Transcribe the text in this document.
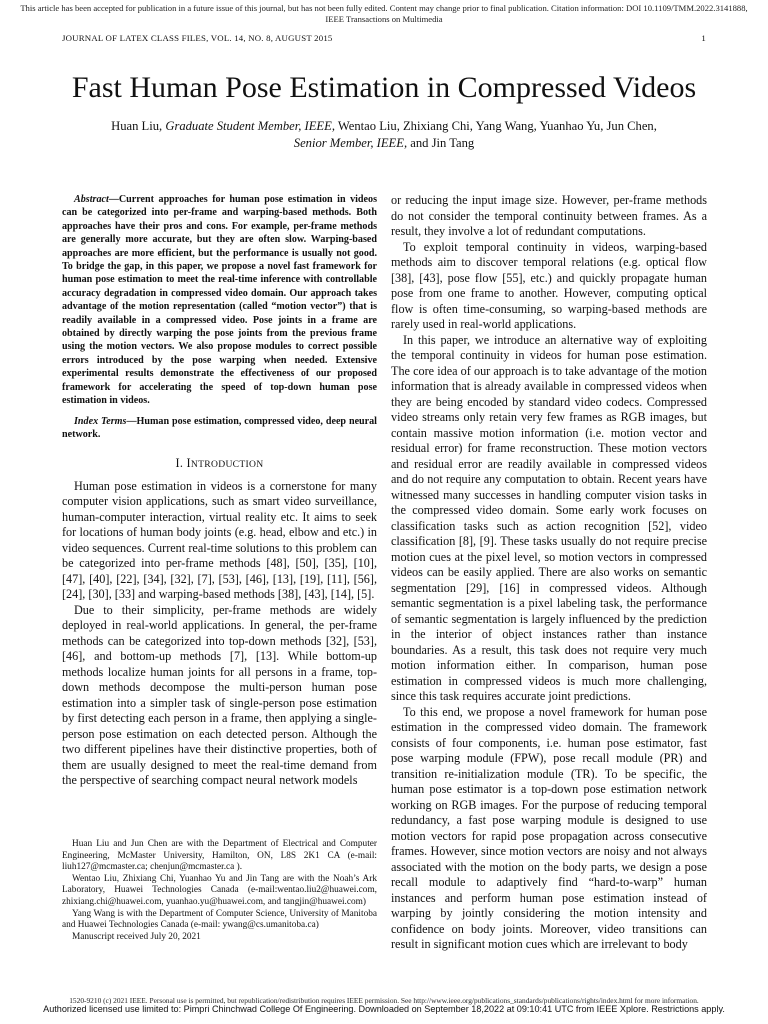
This article has been accepted for publication in a future issue of this journal, but has not been fully edited. Content may change prior to final publication. Citation information: DOI 10.1109/TMM.2022.3141888, IEEE Transactions on Multimedia
JOURNAL OF LATEX CLASS FILES, VOL. 14, NO. 8, AUGUST 2015	1
Fast Human Pose Estimation in Compressed Videos
Huan Liu, Graduate Student Member, IEEE, Wentao Liu, Zhixiang Chi, Yang Wang, Yuanhao Yu, Jun Chen, Senior Member, IEEE, and Jin Tang

Abstract—Current approaches for human pose estimation in videos can be categorized into per-frame and warping-based methods. Both approaches have their pros and cons. For example, per-frame methods are generally more accurate, but they are often slow. Warping-based approaches are more efficient, but the performance is usually not good. To bridge the gap, in this paper, we propose a novel fast framework for human pose estimation to meet the real-time inference with controllable accuracy degradation in compressed video domain. Our approach takes advantage of the motion representation (called “motion vector”) that is readily available in a compressed video. Pose joints in a frame are obtained by directly warping the pose joints from the previous frame using the motion vectors. We also propose modules to correct possible errors introduced by the pose warping when needed. Extensive experimental results demonstrate the effectiveness of our proposed framework for accelerating the speed of top-down human pose estimation in videos.

Index Terms—Human pose estimation, compressed video, deep neural network.

I. INTRODUCTION

Human pose estimation in videos is a cornerstone for many computer vision applications, such as smart video surveillance, human-computer interaction, virtual reality etc. It aims to seek for locations of human body joints (e.g. head, elbow and etc.) in video sequences. Current real-time solutions to this problem can be categorized into per-frame methods [48], [50], [35], [10], [47], [40], [22], [34], [32], [7], [53], [46], [13], [19], [11], [56], [24], [30], [33] and warping-based methods [38], [43], [14], [5].

Due to their simplicity, per-frame methods are widely deployed in real-world applications. In general, the per-frame methods can be categorized into top-down methods [32], [53], [46], and bottom-up methods [7], [13]. While bottom-up methods localize human joints for all persons in a frame, top-down methods decompose the multi-person human pose estimation into a simpler task of single-person pose estimation by first detecting each person in a frame, then applying a single-person pose estimation on each detected person. Although the two different pipelines have their distinctive properties, both of them are usually designed to meet the real-time demand from the perspective of searching compact neural network models

Huan Liu and Jun Chen are with the Department of Electrical and Computer Engineering, McMaster University, Hamilton, ON, L8S 2K1 CA (e-mail: liuh127@mcmaster.ca; chenjun@mcmaster.ca ).

Wentao Liu, Zhixiang Chi, Yuanhao Yu and Jin Tang are with the Noah’s Ark Laboratory, Huawei Technologies Canada (e-mail:wentao.liu2@huawei.com, zhixiang.chi@huawei.com, yuanhao.yu@huawei.com, and tangjin@huawei.com)

Yang Wang is with the Department of Computer Science, University of Manitoba and Huawei Technologies Canada (e-mail: ywang@cs.umanitoba.ca)

Manuscript received July 20, 2021

or reducing the input image size. However, per-frame methods do not consider the temporal continuity between frames. As a result, they involve a lot of redundant computations.

To exploit temporal continuity in videos, warping-based methods aim to discover temporal relations (e.g. optical flow [38], [43], pose flow [55], etc.) and quickly propagate human pose from one frame to another. However, computing optical flow is often time-consuming, so warping-based methods are rarely used in real-world applications.

In this paper, we introduce an alternative way of exploiting the temporal continuity in videos for human pose estimation. The core idea of our approach is to take advantage of the motion information that is already available in compressed videos when they are being encoded by standard video codecs. Compressed video streams only retain very few frames as RGB images, but contain massive motion information (i.e. motion vector and residual error) for frame reconstruction. These motion vectors and residual error are readily available in compressed videos and do not require any computation to obtain. Recent years have witnessed many successes in handling computer vision tasks in the compressed video domain. Some early work focuses on classification tasks such as action recognition [52], video classification [8], [9]. These tasks usually do not require precise motion cues at the pixel level, so motion vectors in compressed videos can be easily applied. There are also works on semantic segmentation [29], [16] in compressed videos. Although semantic segmentation is a pixel labeling task, the performance of semantic segmentation is largely influenced by the prediction in the interior of object instances rather than instance boundaries. As a result, this task does not require very much motion information either. In comparison, human pose estimation in compressed videos is much more challenging, since this task requires accurate joint predictions.

To this end, we propose a novel framework for human pose estimation in the compressed video domain. The framework consists of four components, i.e. human pose estimator, fast pose warping module (FPW), pose recall module (PR) and transition re-initialization module (TR). To be specific, the human pose estimator is a top-down pose estimation network working on RGB images. For the purpose of reducing temporal redundancy, a fast pose warping module is designed to use motion vectors for rapid pose propagation across consecutive frames. However, since motion vectors are noisy and not always associated with the motion on the body parts, we design a pose recall module to adaptively find “hard-to-warp” human instances and perform human pose estimation instead of warping by jointly considering the motion intensity and confidence on body joints. Moreover, video transitions can result in significant motion cues which are irrelevant to body

1520-9210 (c) 2021 IEEE. Personal use is permitted, but republication/redistribution requires IEEE permission. See http://www.ieee.org/publications_standards/publications/rights/index.html for more information.
Authorized licensed use limited to: Pimpri Chinchwad College Of Engineering. Downloaded on September 18,2022 at 09:10:41 UTC from IEEE Xplore. Restrictions apply.
